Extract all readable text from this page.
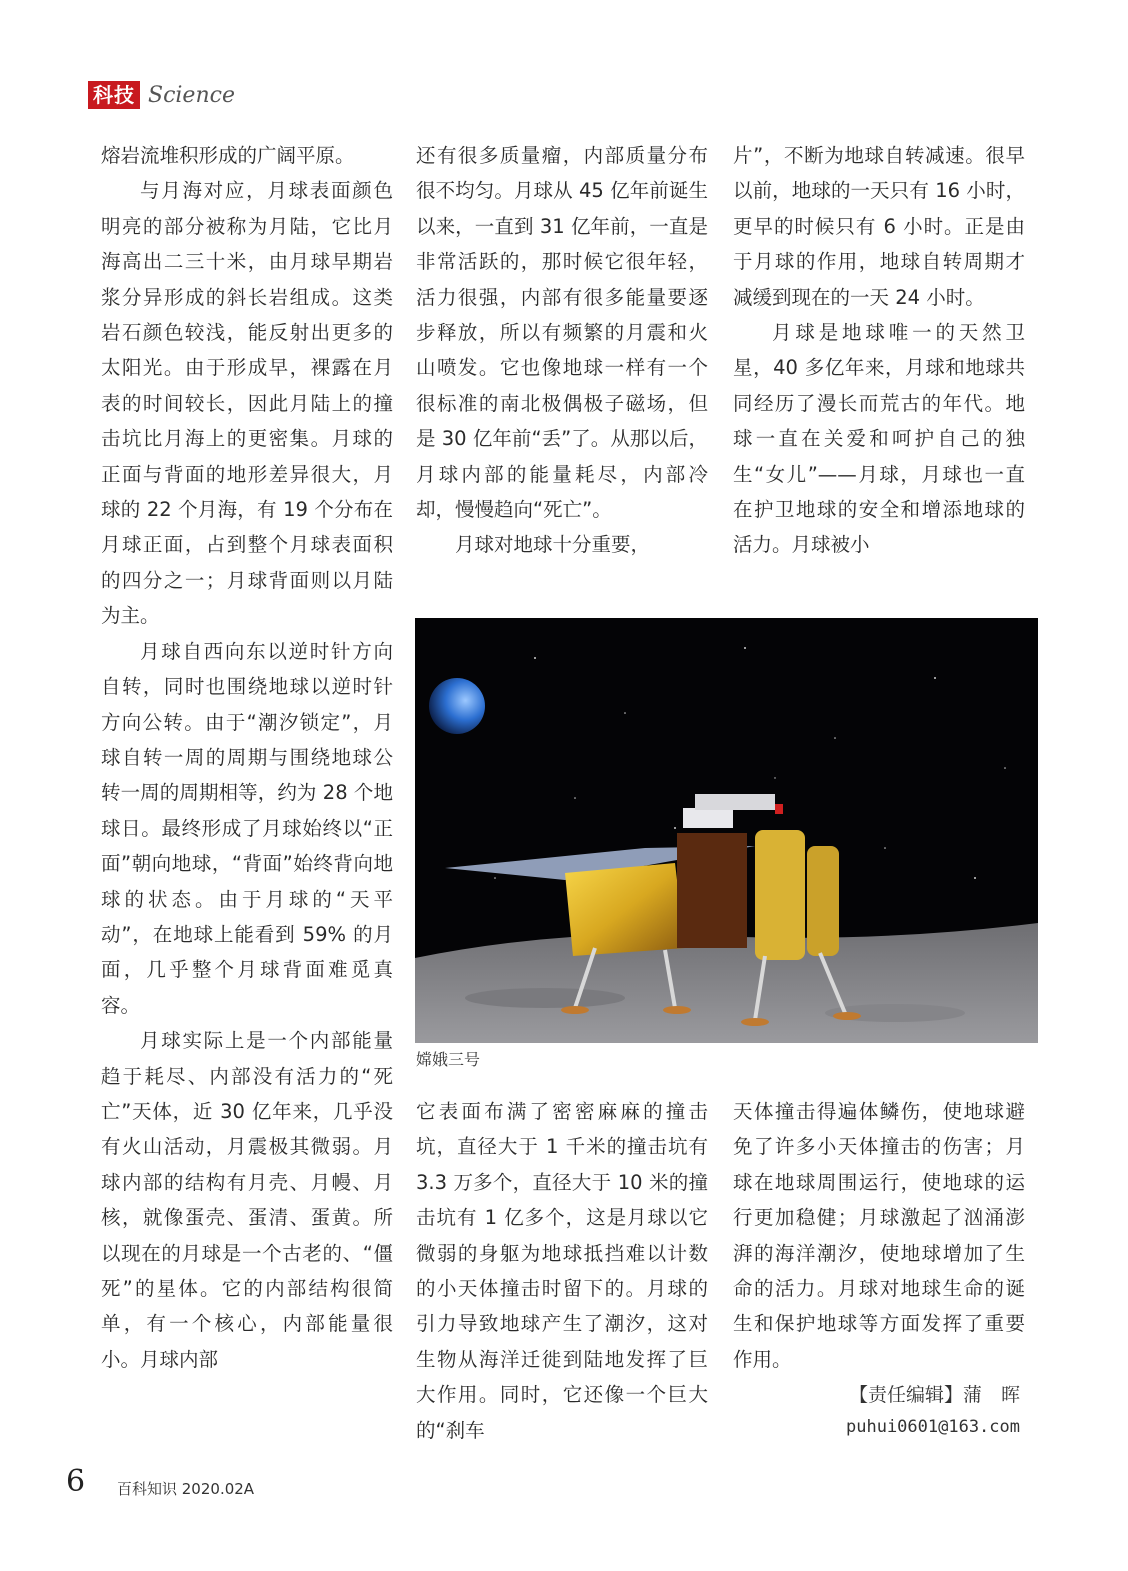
科技 Science

熔岩流堆积形成的广阔平原。

与月海对应，月球表面颜色明亮的部分被称为月陆，它比月海高出二三十米，由月球早期岩浆分异形成的斜长岩组成。这类岩石颜色较浅，能反射出更多的太阳光。由于形成早，裸露在月表的时间较长，因此月陆上的撞击坑比月海上的更密集。月球的正面与背面的地形差异很大，月球的 22 个月海，有 19 个分布在月球正面，占到整个月球表面积的四分之一；月球背面则以月陆为主。

月球自西向东以逆时针方向自转，同时也围绕地球以逆时针方向公转。由于“潮汐锁定”，月球自转一周的周期与围绕地球公转一周的周期相等，约为 28 个地球日。最终形成了月球始终以“正面”朝向地球，“背面”始终背向地球的状态。由于月球的“天平动”，在地球上能看到 59% 的月面，几乎整个月球背面难觅真容。

月球实际上是一个内部能量趋于耗尽、内部没有活力的“死亡”天体，近 30 亿年来，几乎没有火山活动，月震极其微弱。月球内部的结构有月壳、月幔、月核，就像蛋壳、蛋清、蛋黄。所以现在的月球是一个古老的、“僵死”的星体。它的内部结构很简单，有一个核心，内部能量很小。月球内部

还有很多质量瘤，内部质量分布很不均匀。月球从 45 亿年前诞生以来，一直到 31 亿年前，一直是非常活跃的，那时候它很年轻，活力很强，内部有很多能量要逐步释放，所以有频繁的月震和火山喷发。它也像地球一样有一个很标准的南北极偶极子磁场，但是 30 亿年前“丢”了。从那以后，月球内部的能量耗尽，内部冷却，慢慢趋向“死亡”。

月球对地球十分重要，

片”，不断为地球自转减速。很早以前，地球的一天只有 16 小时，更早的时候只有 6 小时。正是由于月球的作用，地球自转周期才减缓到现在的一天 24 小时。

月球是地球唯一的天然卫星，40 多亿年来，月球和地球共同经历了漫长而荒古的年代。地球一直在关爱和呵护自己的独生“女儿”——月球，月球也一直在护卫地球的安全和增添地球的活力。月球被小

嫦娥三号

它表面布满了密密麻麻的撞击坑，直径大于 1 千米的撞击坑有 3.3 万多个，直径大于 10 米的撞击坑有 1 亿多个，这是月球以它微弱的身躯为地球抵挡难以计数的小天体撞击时留下的。月球的引力导致地球产生了潮汐，这对生物从海洋迁徙到陆地发挥了巨大作用。同时，它还像一个巨大的“刹车

天体撞击得遍体鳞伤，使地球避免了许多小天体撞击的伤害；月球在地球周围运行，使地球的运行更加稳健；月球激起了汹涌澎湃的海洋潮汐，使地球增加了生命的活力。月球对地球生命的诞生和保护地球等方面发挥了重要作用。

【责任编辑】蒲　晖
puhui0601@163.com
6 百科知识 2020.02A
